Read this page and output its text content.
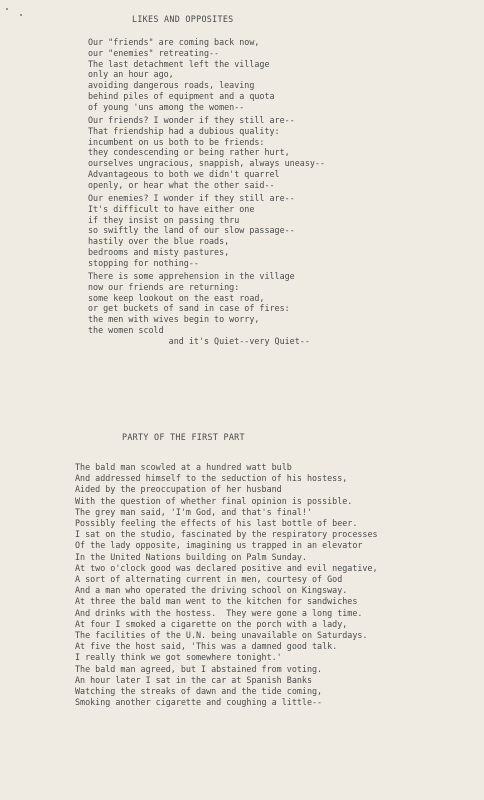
LIKES AND OPPOSITES

Our "friends" are coming back now,
our "enemies" retreating--
The last detachment left the village
only an hour ago,
avoiding dangerous roads, leaving
behind piles of equipment and a quota
of young 'uns among the women--

Our friends? I wonder if they still are--
That friendship had a dubious quality:
incumbent on us both to be friends:
they condescending or being rather hurt,
ourselves ungracious, snappish, always uneasy--
Advantageous to both we didn't quarrel
openly, or hear what the other said--

Our enemies? I wonder if they still are--
It's difficult to have either one
if they insist on passing thru
so swiftly the land of our slow passage--
hastily over the blue roads,
bedrooms and misty pastures,
stopping for nothing--

There is some apprehension in the village
now our friends are returning:
some keep lookout on the east road,
or get buckets of sand in case of fires:
the men with wives begin to worry,
the women scold
and it's Quiet--very Quiet--

PARTY OF THE FIRST PART

The bald man scowled at a hundred watt bulb
And addressed himself to the seduction of his hostess,
Aided by the preoccupation of her husband
With the question of whether final opinion is possible.
The grey man said, 'I'm God, and that's final!'
Possibly feeling the effects of his last bottle of beer.
I sat on the studio, fascinated by the respiratory processes
Of the lady opposite, imagining us trapped in an elevator
In the United Nations building on Palm Sunday.
At two o'clock good was declared positive and evil negative,
A sort of alternating current in men, courtesy of God
And a man who operated the driving school on Kingsway.
At three the bald man went to the kitchen for sandwiches
And drinks with the hostess.  They were gone a long time.
At four I smoked a cigarette on the porch with a lady,
The facilities of the U.N. being unavailable on Saturdays.
At five the host said, 'This was a damned good talk.
I really think we got somewhere tonight.'
The bald man agreed, but I abstained from voting.
An hour later I sat in the car at Spanish Banks
Watching the streaks of dawn and the tide coming,
Smoking another cigarette and coughing a little--
